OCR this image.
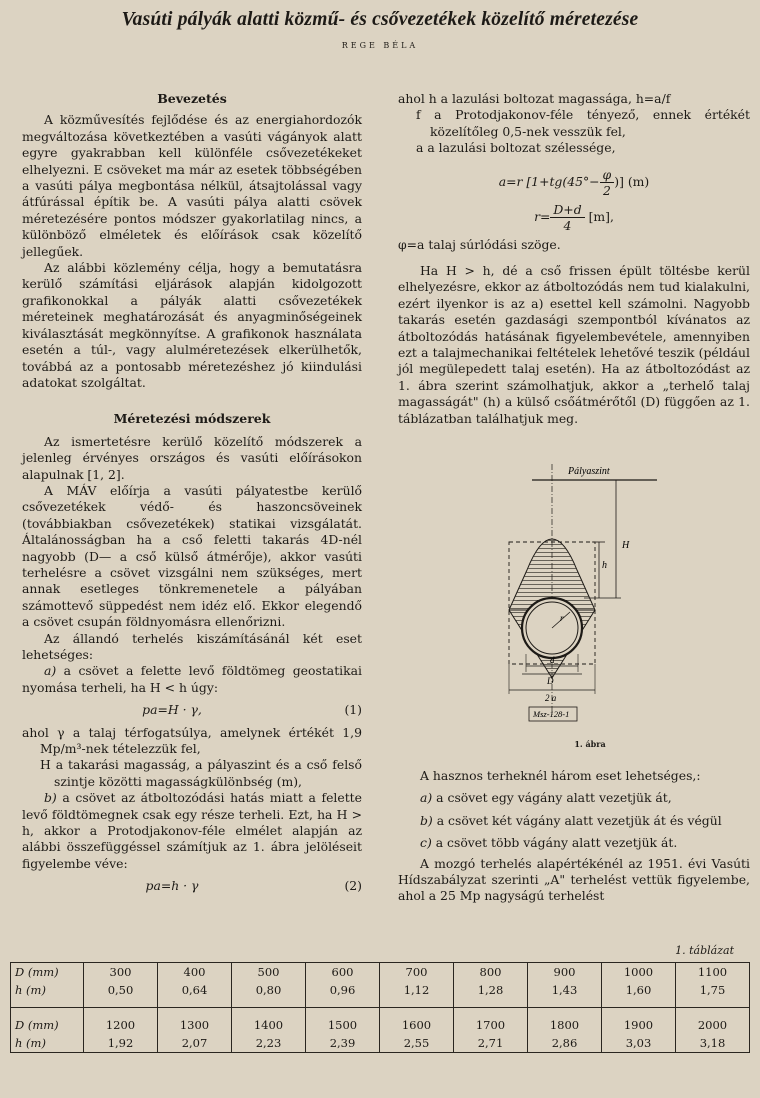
Vasúti pályák alatti közmű- és csővezetékek közelítő méretezése
REGE BÉLA
Bevezetés

A közművesítés fejlődése és az energiahordozók megváltozása következtében a vasúti vágányok alatt egyre gyakrabban kell különféle csővezetékeket elhelyezni. E csöveket ma már az esetek többségében a vasúti pálya megbontása nélkül, átsajtolással vagy átfúrással építik be. A vasúti pálya alatti csövek méretezésére pontos módszer gyakorlatilag nincs, a különböző elméletek és előírások csak közelítő jellegűek.

Az alábbi közlemény célja, hogy a bemutatásra kerülő számítási eljárások alapján kidolgozott grafikonokkal a pályák alatti csővezetékek méreteinek meghatározását és anyagminőségeinek kiválasztását megkönnyítse. A grafikonok használata esetén a túl-, vagy alulméretezések elkerülhetők, továbbá az a pontosabb méretezéshez jó kiindulási adatokat szolgáltat.

Méretezési módszerek

Az ismertetésre kerülő közelítő módszerek a jelenleg érvényes országos és vasúti előírásokon alapulnak [1, 2].

A MÁV előírja a vasúti pályatestbe kerülő csővezetékek védő- és haszoncsöveinek (továbbiakban csővezetékek) statikai vizsgálatát. Általánosságban ha a cső feletti takarás 4D-nél nagyobb (D— a cső külső átmérője), akkor vasúti terhelésre a csövet vizsgálni nem szükséges, mert annak esetleges tönkremenetele a pályában számottevő süppedést nem idéz elő. Ekkor elegendő a csövet csupán földnyomásra ellenőrizni.

Az állandó terhelés kiszámításánál két eset lehetséges:

a) a csövet a felette levő földtömeg geostatikai nyomása terheli, ha H < h úgy:

pa=H · γ,	(1)

ahol γ a talaj térfogatsúlya, amelynek értékét 1,9 Mp/m³-nek tételezzük fel,

H a takarási magasság, a pályaszint és a cső felső szintje közötti magasságkülönbség (m),

b) a csövet az átboltozódási hatás miatt a felette levő földtömegnek csak egy része terheli. Ezt, ha H > h, akkor a Protodjakonov-féle elmélet alapján az alábbi összefüggéssel számítjuk az 1. ábra jelöléseit figyelembe véve:

pa=h · γ	(2)

ahol h a lazulási boltozat magassága, h=a/f

f a Protodjakonov-féle tényező, ennek értékét közelítőleg 0,5-nek vesszük fel,

a a lazulási boltozat szélessége,

a=r [$1+tg(45^\circ- \frac{\varphi}{2}$ )] (m)
$r= \frac{D+d}{4} [m]$,

φ=a talaj súrlódási szöge.

Ha H > h, dé a cső frissen épült töltésbe kerül elhelyezésre, ekkor az átboltozódás nem tud kialakulni, ezért ilyenkor is az a) esettel kell számolni. Nagyobb takarás esetén gazdasági szempontból kívánatos az átboltozódás hatásának figyelembevétele, amennyiben ezt a talajmechanikai feltételek lehetővé teszik (például jól megülepedett talaj esetén). Ha az átboltozódást az 1. ábra szerint számolhatjuk, akkor a „terhelő talaj magasságát" (h) a külső csőátmérőtől (D) függően az 1. táblázatban találhatjuk meg.

Pályaszint
r
H
h
d
D
2 a
Msz-128-1
1. ábra

A hasznos terheknél három eset lehetséges,:

a) a csövet egy vágány alatt vezetjük át,

b) a csövet két vágány alatt vezetjük át és végül

c) a csövet több vágány alatt vezetjük át.

A mozgó terhelés alapértékénél az 1951. évi Vasúti Hídszabályzat szerinti „A" terhelést vettük figyelembe, ahol a 25 Mp nagyságú terhelést

1. táblázat
D (mm)	300	400	500	600	700	800	900	1000	1100
h (m)	0,50	0,64	0,80	0,96	1,12	1,28	1,43	1,60	1,75
D (mm)	1200	1300	1400	1500	1600	1700	1800	1900	2000
h (m)	1,92	2,07	2,23	2,39	2,55	2,71	2,86	3,03	3,18
